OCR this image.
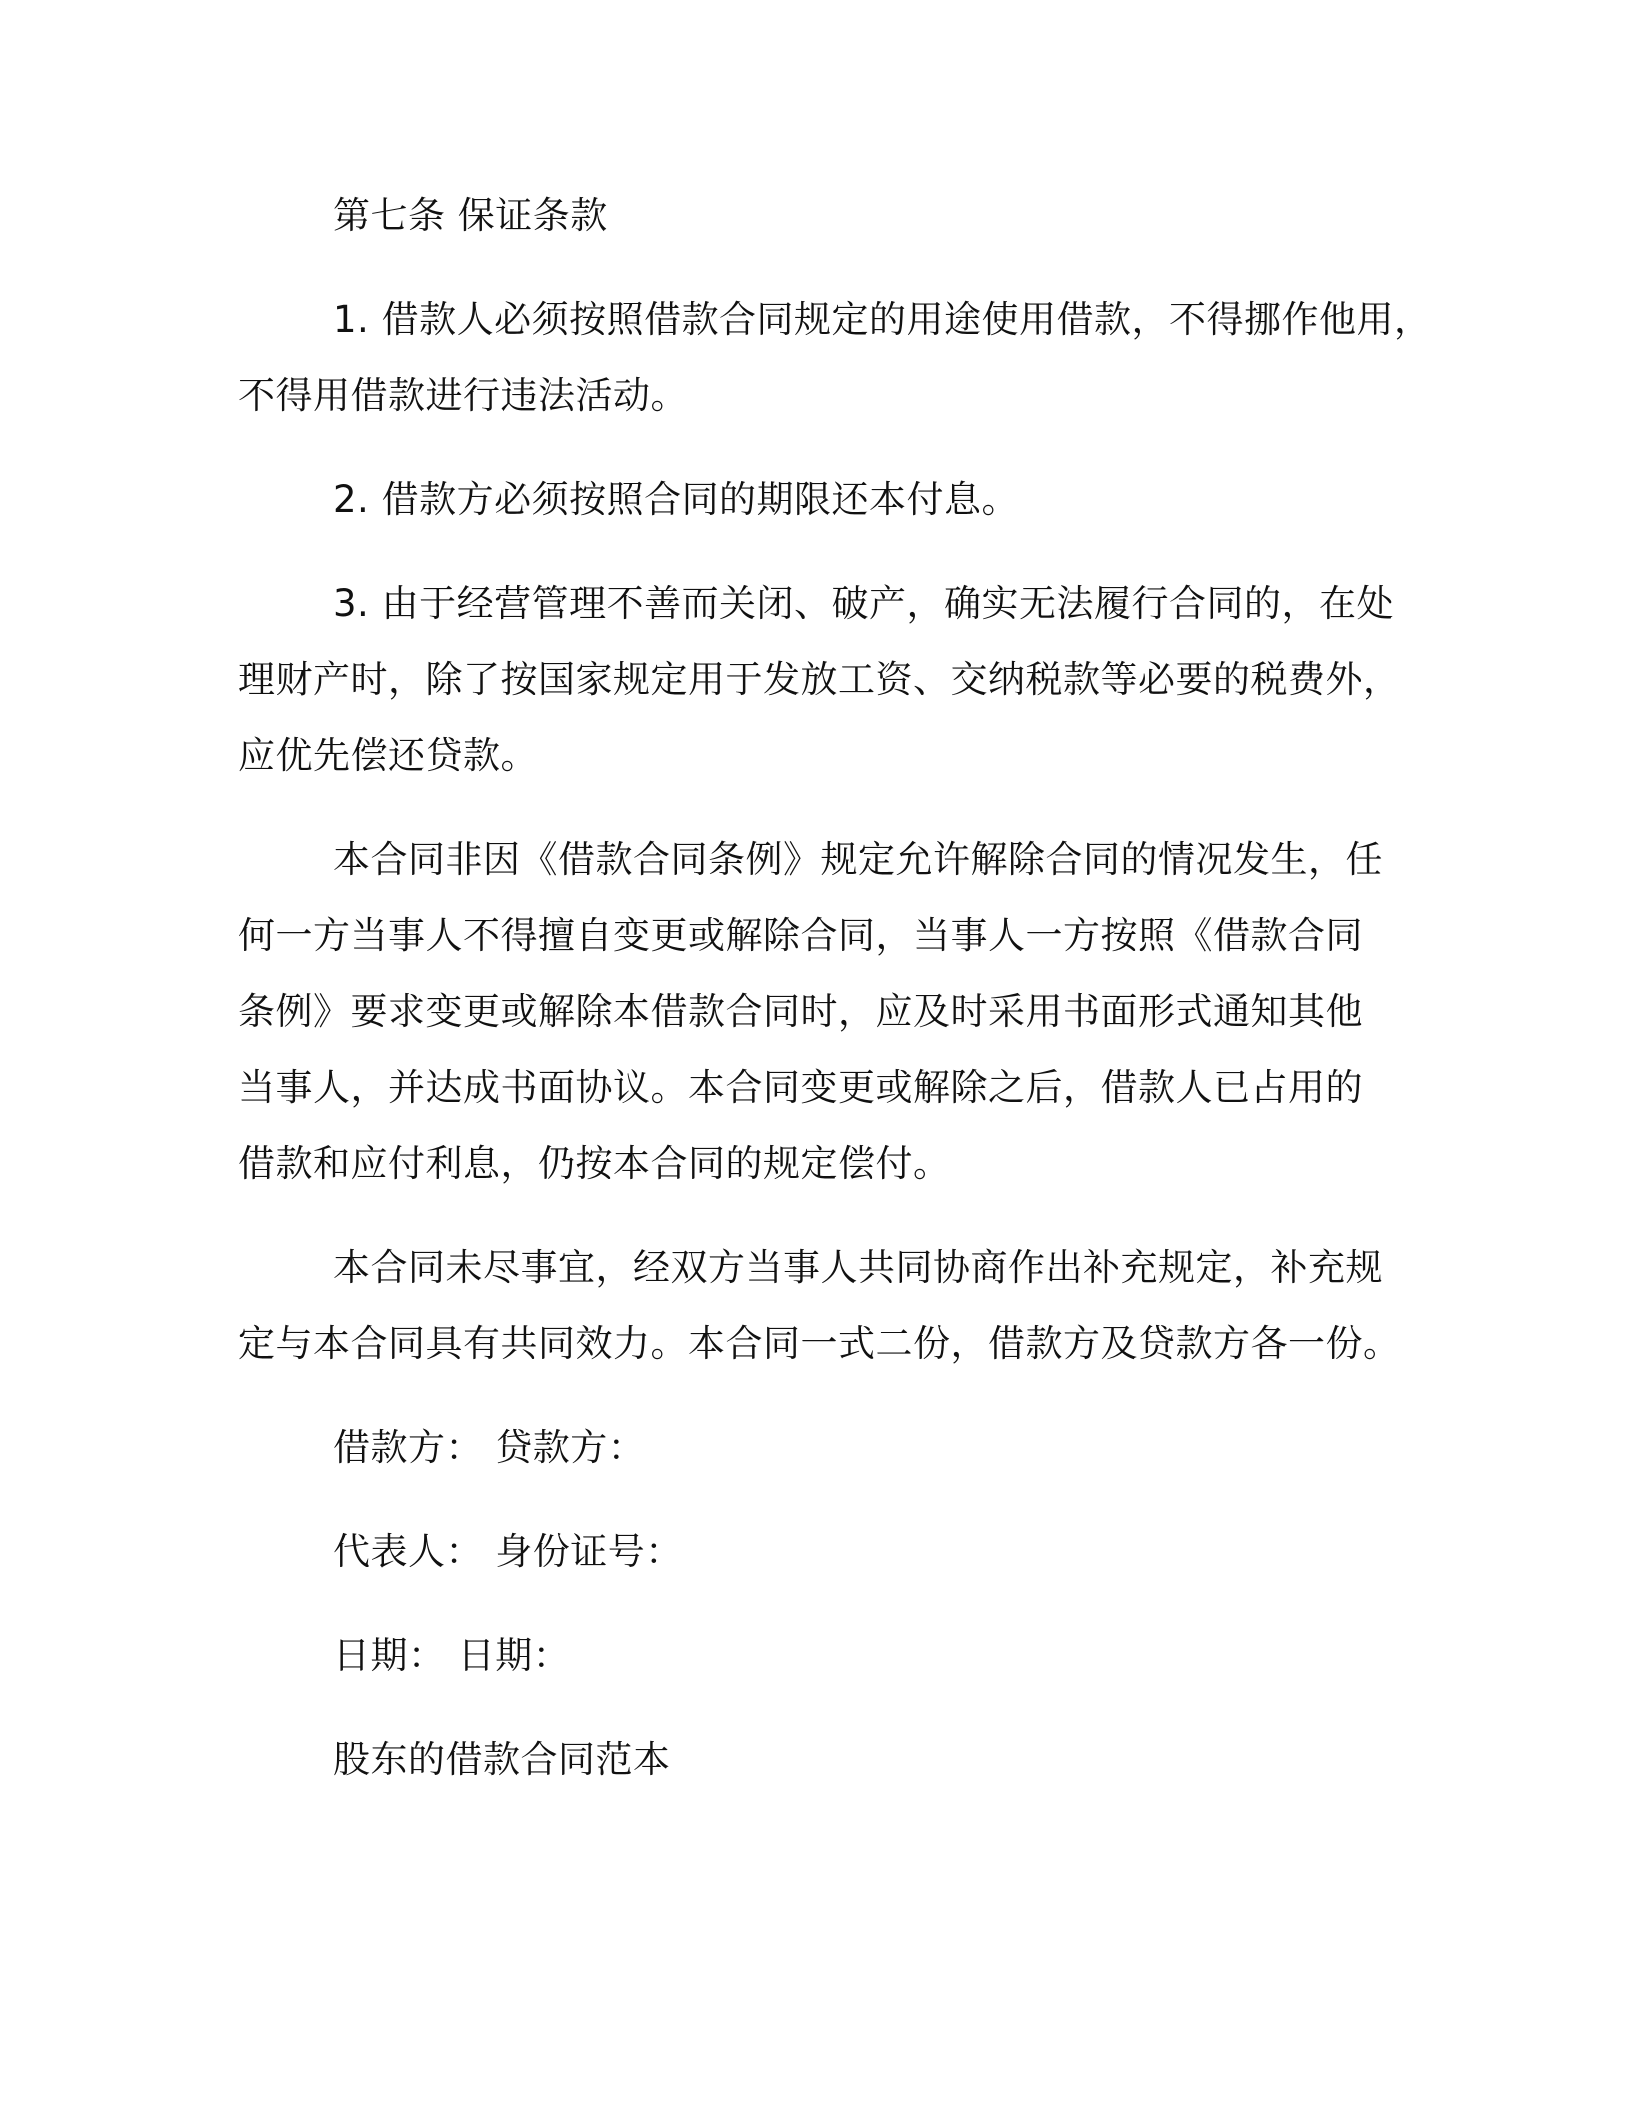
第七条 保证条款
1. 借款人必须按照借款合同规定的用途使用借款，不得挪作他用，
不得用借款进行违法活动。
2. 借款方必须按照合同的期限还本付息。
3. 由于经营管理不善而关闭、破产，确实无法履行合同的，在处
理财产时，除了按国家规定用于发放工资、交纳税款等必要的税费外，
应优先偿还贷款。
本合同非因《借款合同条例》规定允许解除合同的情况发生，任
何一方当事人不得擅自变更或解除合同，当事人一方按照《借款合同
条例》要求变更或解除本借款合同时，应及时采用书面形式通知其他
当事人，并达成书面协议。本合同变更或解除之后，借款人已占用的
借款和应付利息，仍按本合同的规定偿付。
本合同未尽事宜，经双方当事人共同协商作出补充规定，补充规
定与本合同具有共同效力。本合同一式二份，借款方及贷款方各一份。
借款方： 贷款方：
代表人： 身份证号：
日期： 日期：
股东的借款合同范本
